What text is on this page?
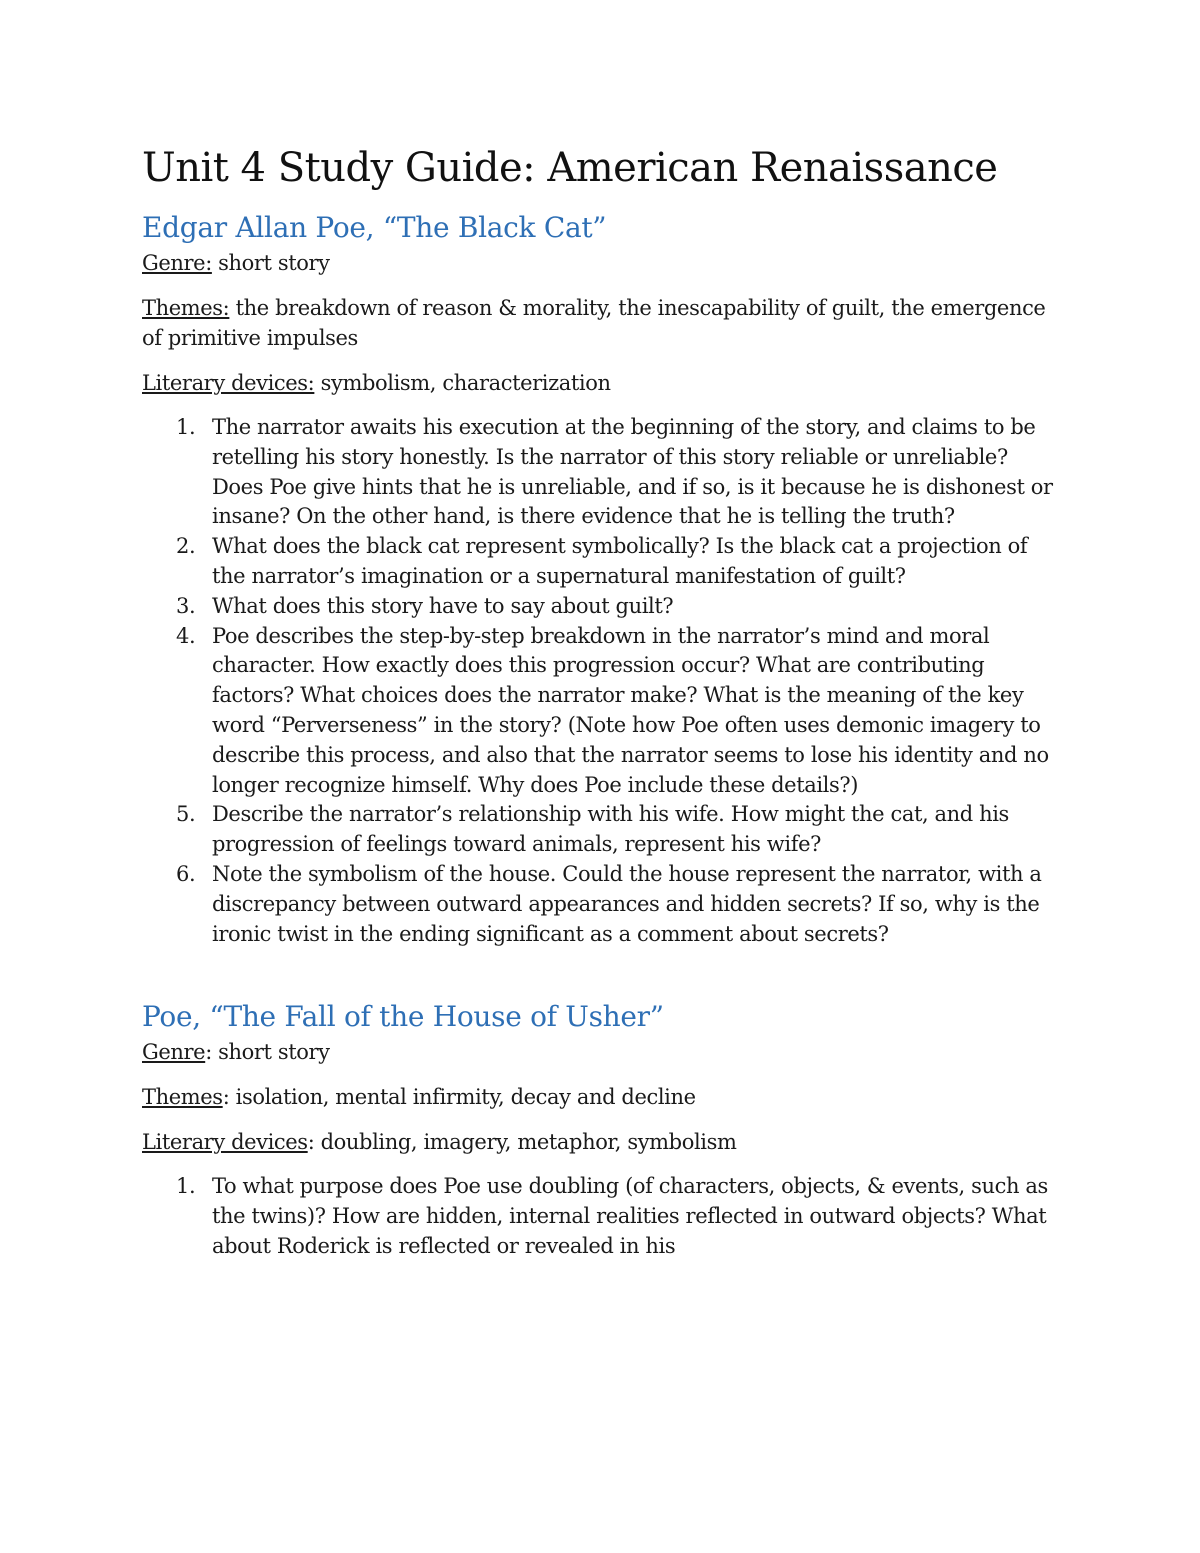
Unit 4 Study Guide: American Renaissance
Edgar Allan Poe, “The Black Cat”

Genre: short story

Themes: the breakdown of reason & morality, the inescapability of guilt, the emergence of primitive impulses

Literary devices: symbolism, characterization

1. The narrator awaits his execution at the beginning of the story, and claims to be retelling his story honestly. Is the narrator of this story reliable or unreliable? Does Poe give hints that he is unreliable, and if so, is it because he is dishonest or insane? On the other hand, is there evidence that he is telling the truth?
2. What does the black cat represent symbolically? Is the black cat a projection of the narrator’s imagination or a supernatural manifestation of guilt?
3. What does this story have to say about guilt?
4. Poe describes the step-by-step breakdown in the narrator’s mind and moral character. How exactly does this progression occur? What are contributing factors? What choices does the narrator make? What is the meaning of the key word “Perverseness” in the story? (Note how Poe often uses demonic imagery to describe this process, and also that the narrator seems to lose his identity and no longer recognize himself. Why does Poe include these details?)
5. Describe the narrator’s relationship with his wife. How might the cat, and his progression of feelings toward animals, represent his wife?
6. Note the symbolism of the house. Could the house represent the narrator, with a discrepancy between outward appearances and hidden secrets? If so, why is the ironic twist in the ending significant as a comment about secrets?
Poe, “The Fall of the House of Usher”

Genre: short story

Themes: isolation, mental infirmity, decay and decline

Literary devices: doubling, imagery, metaphor, symbolism

1. To what purpose does Poe use doubling (of characters, objects, & events, such as the twins)? How are hidden, internal realities reflected in outward objects? What about Roderick is reflected or revealed in his
